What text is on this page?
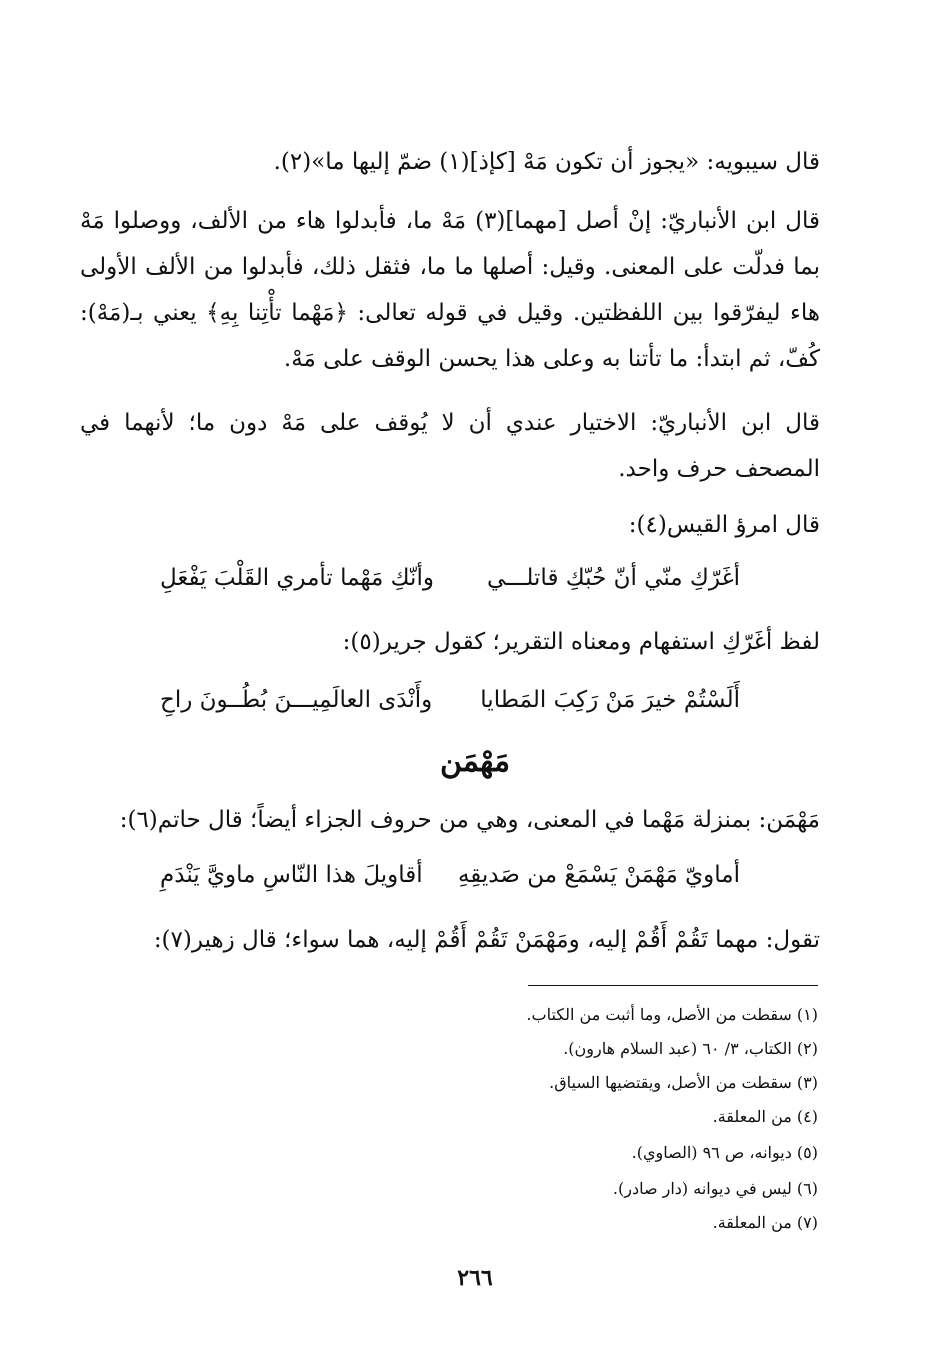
قال سيبويه: «يجوز أن تكون مَهْ [كإذ](١) ضمّ إليها ما»(٢).
قال ابن الأنباريّ: إنْ أصل [مهما](٣) مَهْ ما، فأبدلوا هاء من الألف، ووصلوا مَهْ بما فدلّت على المعنى. وقيل: أصلها ما ما، فثقل ذلك، فأبدلوا من الألف الأولى هاء ليفرّقوا بين اللفظتين. وقيل في قوله تعالى: ﴿مَهْما تأْتِنا بِهِ﴾ يعني بـ(مَهْ): كُفّ، ثم ابتدأ: ما تأتنا به وعلى هذا يحسن الوقف على مَهْ.
قال ابن الأنباريّ: الاختيار عندي أن لا يُوقف على مَهْ دون ما؛ لأنهما في المصحف حرف واحد.
قال امرؤ القيس(٤):
أغَرّكِ منّي أنّ حُبّكِ قاتلـــي
وأنّكِ مَهْما تأمري القَلْبَ يَفْعَلِ
لفظ أغَرّكِ استفهام ومعناه التقرير؛ كقول جرير(٥):
أَلَسْتُمْ خيرَ مَنْ رَكِبَ المَطايا
وأَنْدَى العالَمِيـــنَ بُطُــونَ راحِ
مَهْمَن
مَهْمَن: بمنزلة مَهْما في المعنى، وهي من حروف الجزاء أيضاً؛ قال حاتم(٦):
أماويّ مَهْمَنْ يَسْمَعْ من صَديقِهِ
أقاويلَ هذا النّاسِ ماويَّ يَنْدَمِ
تقول: مهما تَقُمْ أَقُمْ إليه، ومَهْمَنْ تَقُمْ أَقُمْ إليه، هما سواء؛ قال زهير(٧):
(١) سقطت من الأصل، وما أثبت من الكتاب.
(٢) الكتاب، ٣/ ٦٠ (عبد السلام هارون).
(٣) سقطت من الأصل، ويقتضيها السياق.
(٤) من المعلقة.
(٥) ديوانه، ص ٩٦ (الصاوي).
(٦) ليس في ديوانه (دار صادر).
(٧) من المعلقة.
٢٦٦
